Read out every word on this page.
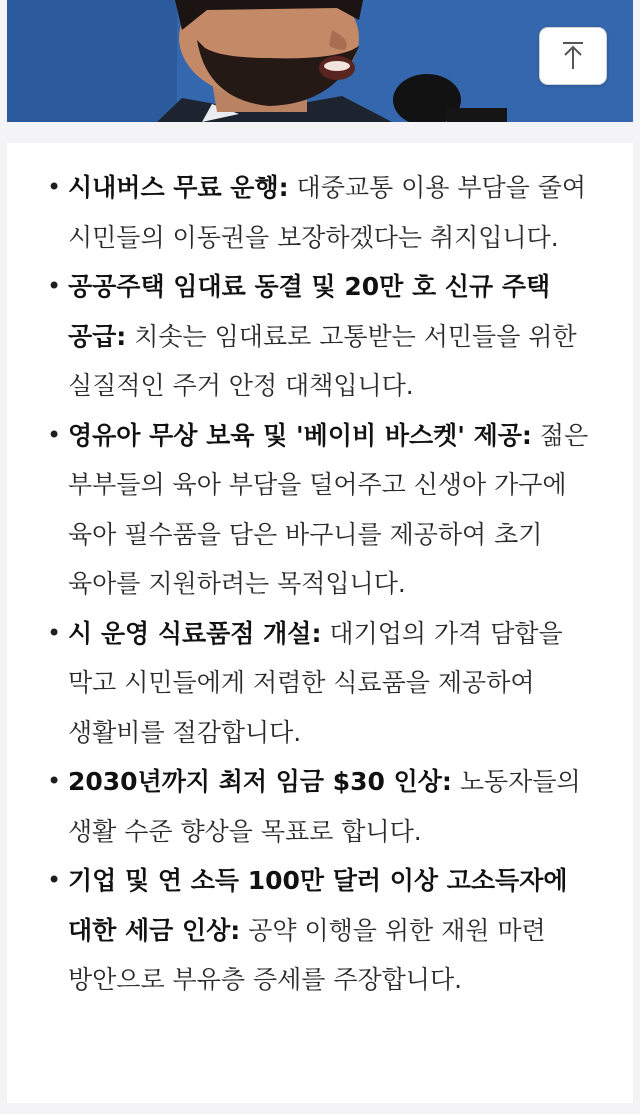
• 시내버스 무료 운행: 대중교통 이용 부담을 줄여 시민들의 이동권을 보장하겠다는 취지입니다.
• 공공주택 임대료 동결 및 20만 호 신규 주택 공급: 치솟는 임대료로 고통받는 서민들을 위한 실질적인 주거 안정 대책입니다.
• 영유아 무상 보육 및 '베이비 바스켓' 제공: 젊은 부부들의 육아 부담을 덜어주고 신생아 가구에 육아 필수품을 담은 바구니를 제공하여 초기 육아를 지원하려는 목적입니다.
• 시 운영 식료품점 개설: 대기업의 가격 담합을 막고 시민들에게 저렴한 식료품을 제공하여 생활비를 절감합니다.
• 2030년까지 최저 임금 $30 인상: 노동자들의 생활 수준 향상을 목표로 합니다.
• 기업 및 연 소득 100만 달러 이상 고소득자에 대한 세금 인상: 공약 이행을 위한 재원 마련 방안으로 부유층 증세를 주장합니다.
